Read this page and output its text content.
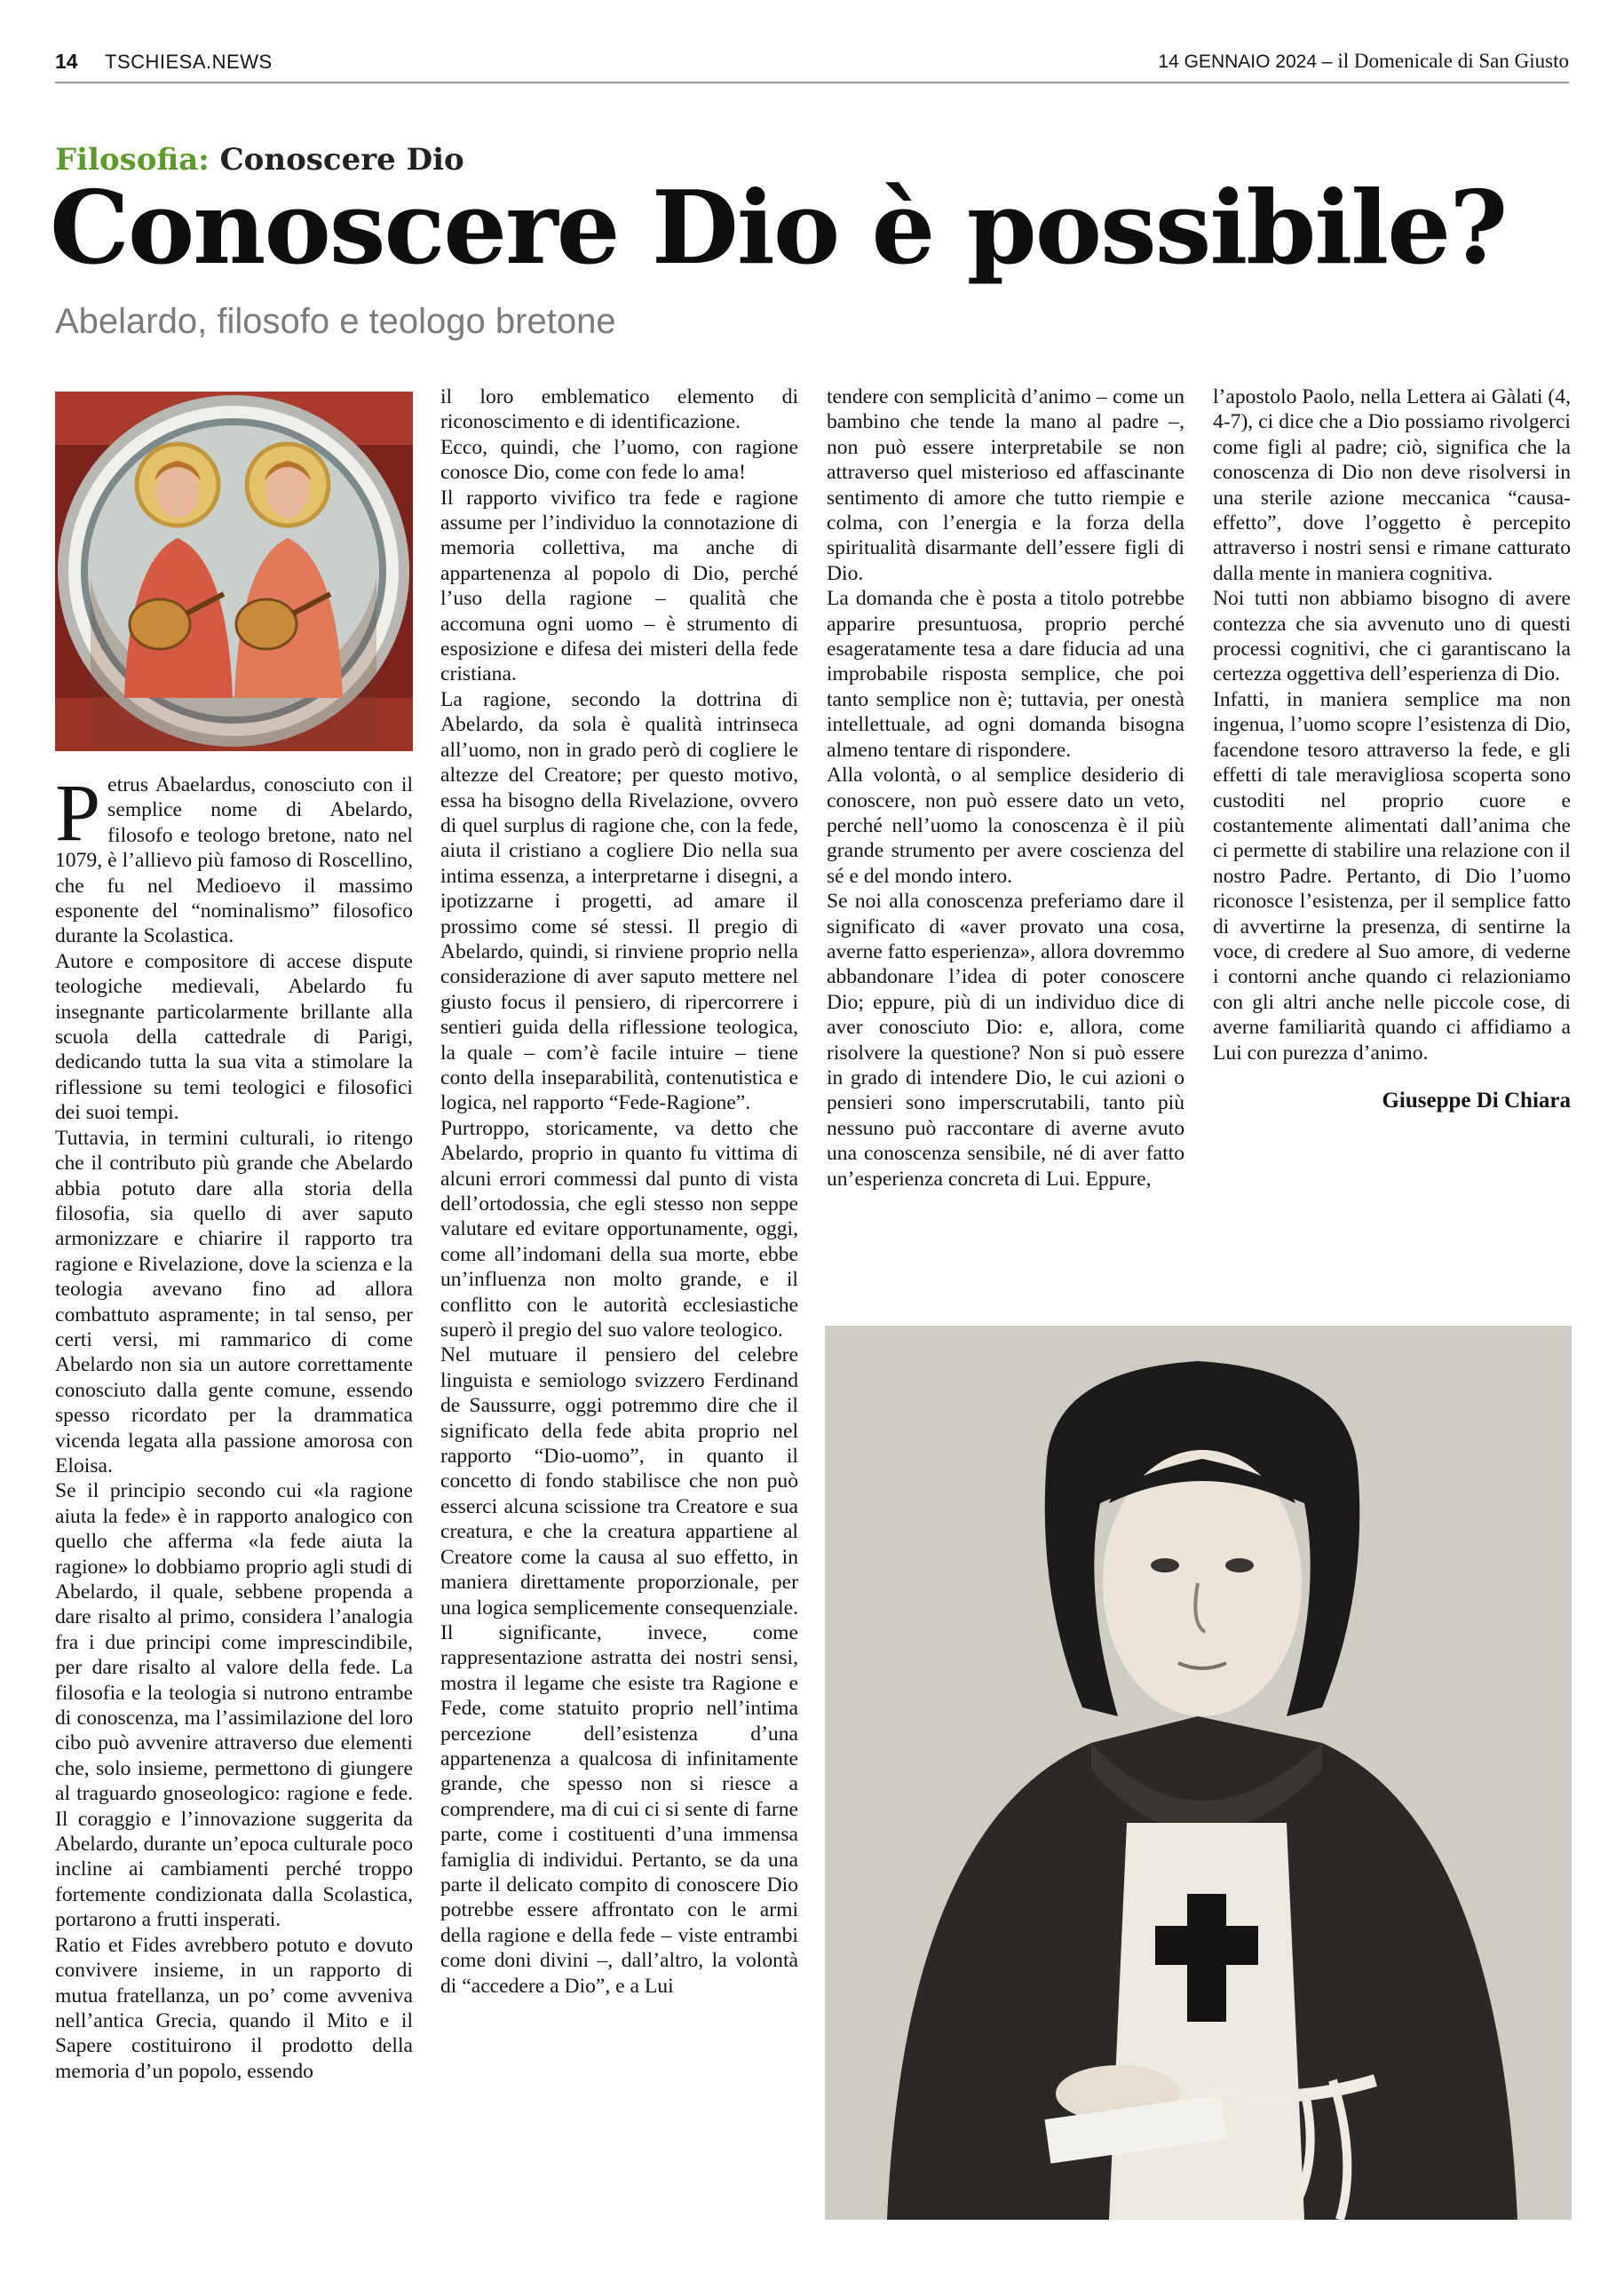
14 TSCHIESA.NEWS	14 GENNAIO 2024 – il Domenicale di San Giusto
Filosofia: Conoscere Dio
Conoscere Dio è possibile?
Abelardo, filosofo e teologo bretone

Petrus Abaelardus, conosciuto con il semplice nome di Abelardo, filosofo e teologo bretone, nato nel 1079, è l’allievo più famoso di Roscellino, che fu nel Medioevo il massimo esponente del “nominalismo” filosofico durante la Scolastica.

Autore e compositore di accese dispute teologiche medievali, Abelardo fu insegnante particolarmente brillante alla scuola della cattedrale di Parigi, dedicando tutta la sua vita a stimolare la riflessione su temi teologici e filosofici dei suoi tempi.

Tuttavia, in termini culturali, io ritengo che il contributo più grande che Abelardo abbia potuto dare alla storia della filosofia, sia quello di aver saputo armonizzare e chiarire il rapporto tra ragione e Rivelazione, dove la scienza e la teologia avevano fino ad allora combattuto aspramente; in tal senso, per certi versi, mi rammarico di come Abelardo non sia un autore correttamente conosciuto dalla gente comune, essendo spesso ricordato per la drammatica vicenda legata alla passione amorosa con Eloisa.

Se il principio secondo cui «la ragione aiuta la fede» è in rapporto analogico con quello che afferma «la fede aiuta la ragione» lo dobbiamo proprio agli studi di Abelardo, il quale, sebbene propenda a dare risalto al primo, considera l’analogia fra i due principi come imprescindibile, per dare risalto al valore della fede. La filosofia e la teologia si nutrono entrambe di conoscenza, ma l’assimilazione del loro cibo può avvenire attraverso due elementi che, solo insieme, permettono di giungere al traguardo gnoseologico: ragione e fede. Il coraggio e l’innovazione suggerita da Abelardo, durante un’epoca culturale poco incline ai cambiamenti perché troppo fortemente condizionata dalla Scolastica, portarono a frutti insperati.

Ratio et Fides avrebbero potuto e dovuto convivere insieme, in un rapporto di mutua fratellanza, un po’ come avveniva nell’antica Grecia, quando il Mito e il Sapere costituirono il prodotto della memoria d’un popolo, essendo

il loro emblematico elemento di riconoscimento e di identificazione.

Ecco, quindi, che l’uomo, con ragione conosce Dio, come con fede lo ama!

Il rapporto vivifico tra fede e ragione assume per l’individuo la connotazione di memoria collettiva, ma anche di appartenenza al popolo di Dio, perché l’uso della ragione – qualità che accomuna ogni uomo – è strumento di esposizione e difesa dei misteri della fede cristiana.

La ragione, secondo la dottrina di Abelardo, da sola è qualità intrinseca all’uomo, non in grado però di cogliere le altezze del Creatore; per questo motivo, essa ha bisogno della Rivelazione, ovvero di quel surplus di ragione che, con la fede, aiuta il cristiano a cogliere Dio nella sua intima essenza, a interpretarne i disegni, a ipotizzarne i progetti, ad amare il prossimo come sé stessi. Il pregio di Abelardo, quindi, si rinviene proprio nella considerazione di aver saputo mettere nel giusto focus il pensiero, di ripercorrere i sentieri guida della riflessione teologica, la quale – com’è facile intuire – tiene conto della inseparabilità, contenutistica e logica, nel rapporto “Fede-Ragione”.

Purtroppo, storicamente, va detto che Abelardo, proprio in quanto fu vittima di alcuni errori commessi dal punto di vista dell’ortodossia, che egli stesso non seppe valutare ed evitare opportunamente, oggi, come all’indomani della sua morte, ebbe un’influenza non molto grande, e il conflitto con le autorità ecclesiastiche superò il pregio del suo valore teologico.

Nel mutuare il pensiero del celebre linguista e semiologo svizzero Ferdinand de Saussurre, oggi potremmo dire che il significato della fede abita proprio nel rapporto “Dio-uomo”, in quanto il concetto di fondo stabilisce che non può esserci alcuna scissione tra Creatore e sua creatura, e che la creatura appartiene al Creatore come la causa al suo effetto, in maniera direttamente proporzionale, per una logica semplicemente consequenziale. Il significante, invece, come rappresentazione astratta dei nostri sensi, mostra il legame che esiste tra Ragione e Fede, come statuito proprio nell’intima percezione dell’esistenza d’una appartenenza a qualcosa di infinitamente grande, che spesso non si riesce a comprendere, ma di cui ci si sente di farne parte, come i costituenti d’una immensa famiglia di individui. Pertanto, se da una parte il delicato compito di conoscere Dio potrebbe essere affrontato con le armi della ragione e della fede – viste entrambi come doni divini –, dall’altro, la volontà di “accedere a Dio”, e a Lui

tendere con semplicità d’animo – come un bambino che tende la mano al padre –, non può essere interpretabile se non attraverso quel misterioso ed affascinante sentimento di amore che tutto riempie e colma, con l’energia e la forza della spiritualità disarmante dell’essere figli di Dio.

La domanda che è posta a titolo potrebbe apparire presuntuosa, proprio perché esageratamente tesa a dare fiducia ad una improbabile risposta semplice, che poi tanto semplice non è; tuttavia, per onestà intellettuale, ad ogni domanda bisogna almeno tentare di rispondere.

Alla volontà, o al semplice desiderio di conoscere, non può essere dato un veto, perché nell’uomo la conoscenza è il più grande strumento per avere coscienza del sé e del mondo intero.

Se noi alla conoscenza preferiamo dare il significato di «aver provato una cosa, averne fatto esperienza», allora dovremmo abbandonare l’idea di poter conoscere Dio; eppure, più di un individuo dice di aver conosciuto Dio: e, allora, come risolvere la questione? Non si può essere in grado di intendere Dio, le cui azioni o pensieri sono imperscrutabili, tanto più nessuno può raccontare di averne avuto una conoscenza sensibile, né di aver fatto un’esperienza concreta di Lui. Eppure,

l’apostolo Paolo, nella Lettera ai Gàlati (4, 4-7), ci dice che a Dio possiamo rivolgerci come figli al padre; ciò, significa che la conoscenza di Dio non deve risolversi in una sterile azione meccanica “causa-effetto”, dove l’oggetto è percepito attraverso i nostri sensi e rimane catturato dalla mente in maniera cognitiva.

Noi tutti non abbiamo bisogno di avere contezza che sia avvenuto uno di questi processi cognitivi, che ci garantiscano la certezza oggettiva dell’esperienza di Dio.

Infatti, in maniera semplice ma non ingenua, l’uomo scopre l’esistenza di Dio, facendone tesoro attraverso la fede, e gli effetti di tale meravigliosa scoperta sono custoditi nel proprio cuore e costantemente alimentati dall’anima che ci permette di stabilire una relazione con il nostro Padre. Pertanto, di Dio l’uomo riconosce l’esistenza, per il semplice fatto di avvertirne la presenza, di sentirne la voce, di credere al Suo amore, di vederne i contorni anche quando ci relazioniamo con gli altri anche nelle piccole cose, di averne familiarità quando ci affidiamo a Lui con purezza d’animo.

Giuseppe Di Chiara
